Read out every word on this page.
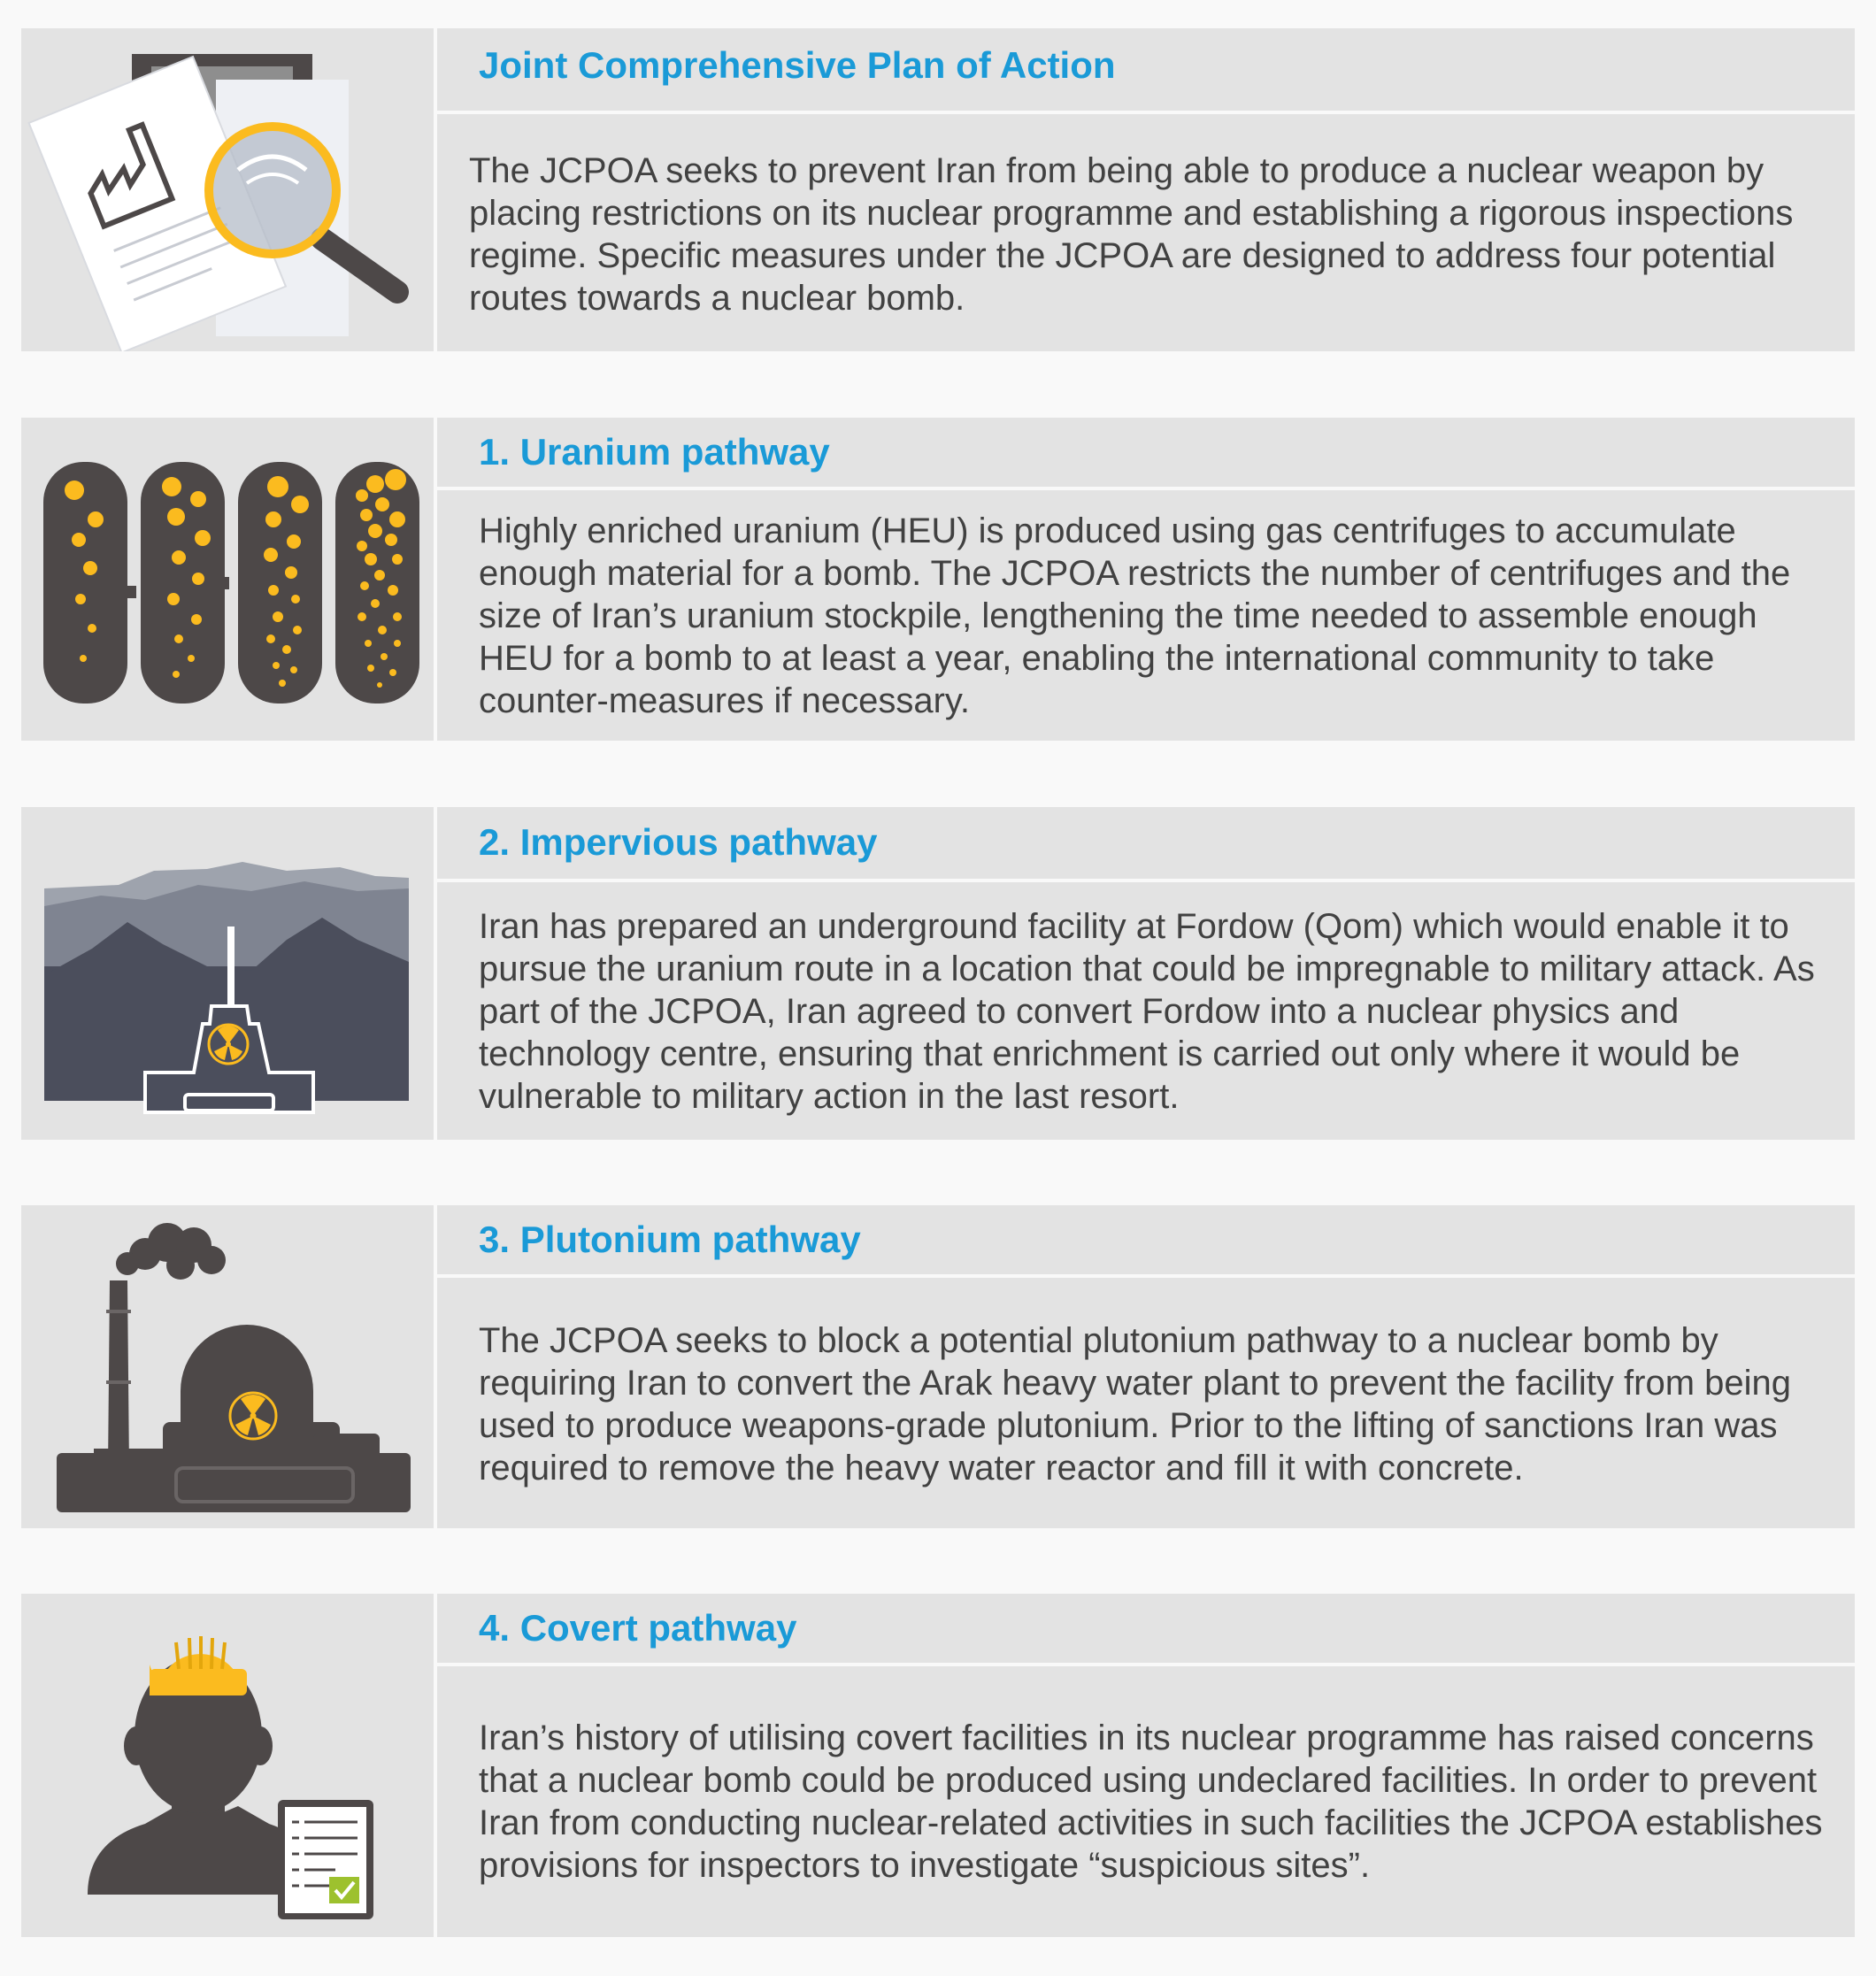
Joint Comprehensive Plan of Action
The JCPOA seeks to prevent Iran from being able to produce a nuclear weapon by placing restrictions on its nuclear programme and establishing a rigorous inspections regime. Specific measures under the JCPOA are designed to address four potential routes towards a nuclear bomb.
1. Uranium pathway
Highly enriched uranium (HEU) is produced using gas centrifuges to accumulate enough material for a bomb. The JCPOA restricts the number of centrifuges and the size of Iran’s uranium stockpile, lengthening the time needed to assemble enough HEU for a bomb to at least a year, enabling the international community to take counter-measures if necessary.
2. Impervious pathway
Iran has prepared an underground facility at Fordow (Qom) which would enable it to pursue the uranium route in a location that could be impregnable to military attack. As part of the JCPOA, Iran agreed to convert Fordow into a nuclear physics and technology centre, ensuring that enrichment is carried out only where it would be vulnerable to military action in the last resort.
3. Plutonium pathway
The JCPOA seeks to block a potential plutonium pathway to a nuclear bomb by requiring Iran to convert the Arak heavy water plant to prevent the facility from being used to produce weapons-grade plutonium. Prior to the lifting of sanctions Iran was required to remove the heavy water reactor and fill it with concrete.
4. Covert pathway
Iran’s history of utilising covert facilities in its nuclear programme has raised concerns that a nuclear bomb could be produced using undeclared facilities. In order to prevent Iran from conducting nuclear-related activities in such facilities the JCPOA establishes provisions for inspectors to investigate “suspicious sites”.
